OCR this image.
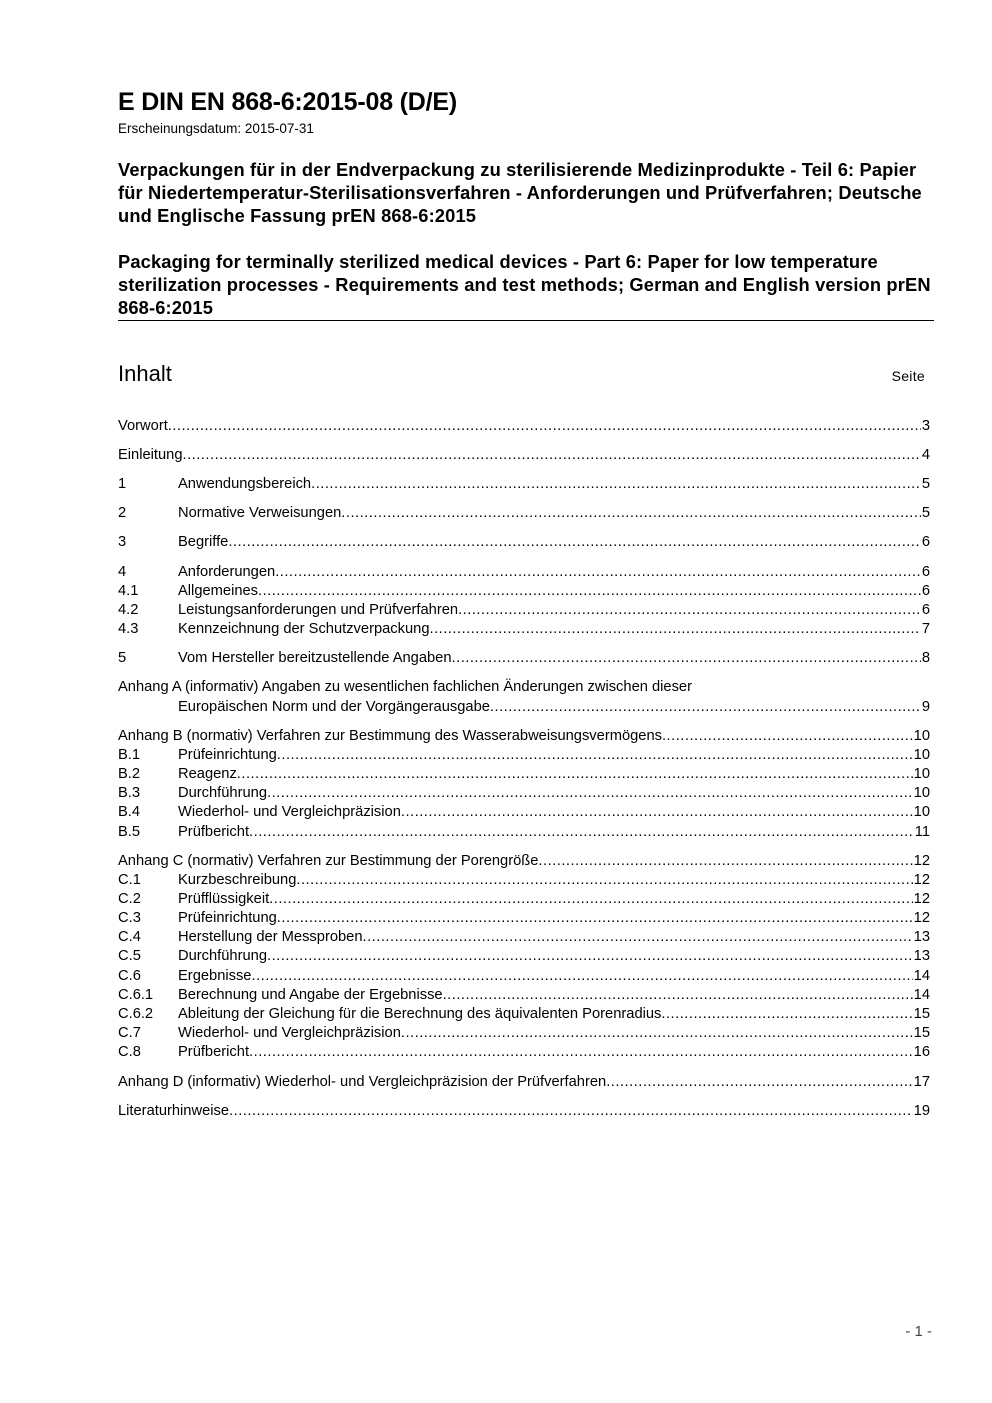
E DIN EN 868-6:2015-08 (D/E)
Erscheinungsdatum: 2015-07-31
Verpackungen für in der Endverpackung zu sterilisierende Medizinprodukte - Teil 6: Papier für Niedertemperatur-Sterilisationsverfahren - Anforderungen und Prüfverfahren; Deutsche und Englische Fassung prEN 868-6:2015
Packaging for terminally sterilized medical devices - Part 6: Paper for low temperature sterilization processes - Requirements and test methods; German and English version prEN 868-6:2015
Inhalt	Seite
Vorwort .....	3
Einleitung .....	4
1	Anwendungsbereich .....	5
2	Normative Verweisungen .....	5
3	Begriffe .....	6
4	Anforderungen .....	6
4.1	Allgemeines .....	6
4.2	Leistungsanforderungen und Prüfverfahren .....	6
4.3	Kennzeichnung der Schutzverpackung .....	7
5	Vom Hersteller bereitzustellende Angaben .....	8
Anhang A (informativ) Angaben zu wesentlichen fachlichen Änderungen zwischen dieser
Europäischen Norm und der Vorgängerausgabe .....	9
Anhang B (normativ) Verfahren zur Bestimmung des Wasserabweisungsvermögens .....	10
B.1	Prüfeinrichtung .....	10
B.2	Reagenz .....	10
B.3	Durchführung .....	10
B.4	Wiederhol- und Vergleichpräzision .....	10
B.5	Prüfbericht .....	11
Anhang C (normativ) Verfahren zur Bestimmung der Porengröße .....	12
C.1	Kurzbeschreibung .....	12
C.2	Prüfflüssigkeit .....	12
C.3	Prüfeinrichtung .....	12
C.4	Herstellung der Messproben .....	13
C.5	Durchführung .....	13
C.6	Ergebnisse .....	14
C.6.1	Berechnung und Angabe der Ergebnisse .....	14
C.6.2	Ableitung der Gleichung für die Berechnung des äquivalenten Porenradius .....	15
C.7	Wiederhol- und Vergleichpräzision .....	15
C.8	Prüfbericht .....	16
Anhang D (informativ) Wiederhol- und Vergleichpräzision der Prüfverfahren .....	17
Literaturhinweise .....	19
- 1 -
